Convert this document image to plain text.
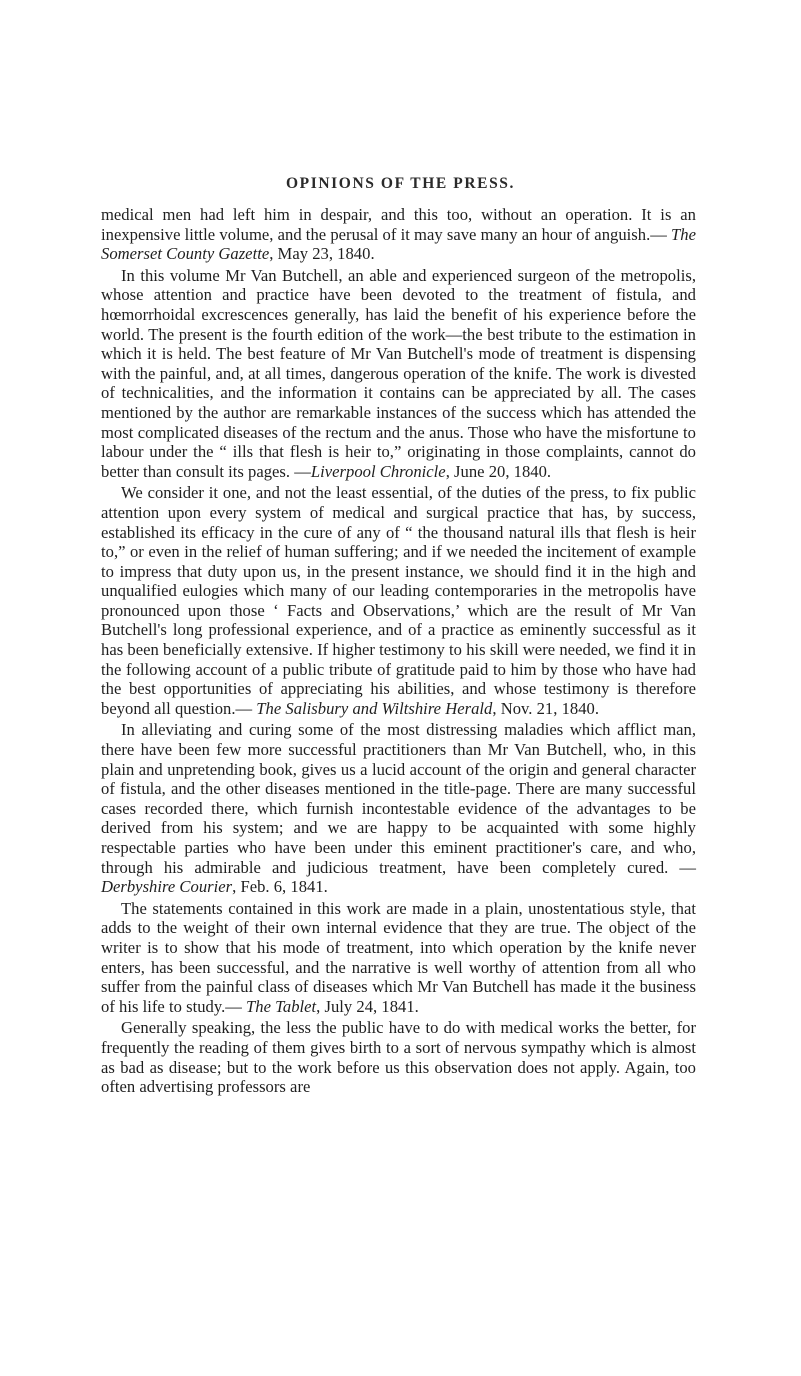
OPINIONS OF THE PRESS.

medical men had left him in despair, and this too, without an operation. It is an inexpensive little volume, and the perusal of it may save many an hour of anguish.— The Somerset County Gazette, May 23, 1840.

In this volume Mr Van Butchell, an able and experienced surgeon of the metropolis, whose attention and practice have been devoted to the treatment of fistula, and hœmorrhoidal excrescences generally, has laid the benefit of his experience before the world. The present is the fourth edition of the work—the best tribute to the estimation in which it is held. The best feature of Mr Van Butchell's mode of treatment is dispensing with the painful, and, at all times, dangerous operation of the knife. The work is divested of technicalities, and the information it contains can be appreciated by all. The cases mentioned by the author are remarkable instances of the success which has attended the most complicated diseases of the rectum and the anus. Those who have the misfortune to labour under the “ ills that flesh is heir to,” originating in those complaints, cannot do better than consult its pages. —Liverpool Chronicle, June 20, 1840.

We consider it one, and not the least essential, of the duties of the press, to fix public attention upon every system of medical and surgical practice that has, by success, established its efficacy in the cure of any of “ the thousand natural ills that flesh is heir to,” or even in the relief of human suffering; and if we needed the incitement of example to impress that duty upon us, in the present instance, we should find it in the high and unqualified eulogies which many of our leading contemporaries in the metropolis have pronounced upon those ‘ Facts and Observations,’ which are the result of Mr Van Butchell's long professional experience, and of a practice as eminently successful as it has been beneficially extensive. If higher testimony to his skill were needed, we find it in the following account of a public tribute of gratitude paid to him by those who have had the best opportunities of appreciating his abilities, and whose testimony is therefore beyond all question.— The Salisbury and Wiltshire Herald, Nov. 21, 1840.

In alleviating and curing some of the most distressing maladies which afflict man, there have been few more successful practitioners than Mr Van Butchell, who, in this plain and unpretending book, gives us a lucid account of the origin and general character of fistula, and the other diseases mentioned in the title-page. There are many successful cases recorded there, which furnish incontestable evidence of the advantages to be derived from his system; and we are happy to be acquainted with some highly respectable parties who have been under this eminent practitioner's care, and who, through his admirable and judicious treatment, have been completely cured. —Derbyshire Courier, Feb. 6, 1841.

The statements contained in this work are made in a plain, unostentatious style, that adds to the weight of their own internal evidence that they are true. The object of the writer is to show that his mode of treatment, into which operation by the knife never enters, has been successful, and the narrative is well worthy of attention from all who suffer from the painful class of diseases which Mr Van Butchell has made it the business of his life to study.— The Tablet, July 24, 1841.

Generally speaking, the less the public have to do with medical works the better, for frequently the reading of them gives birth to a sort of nervous sympathy which is almost as bad as disease; but to the work before us this observation does not apply. Again, too often advertising professors are
